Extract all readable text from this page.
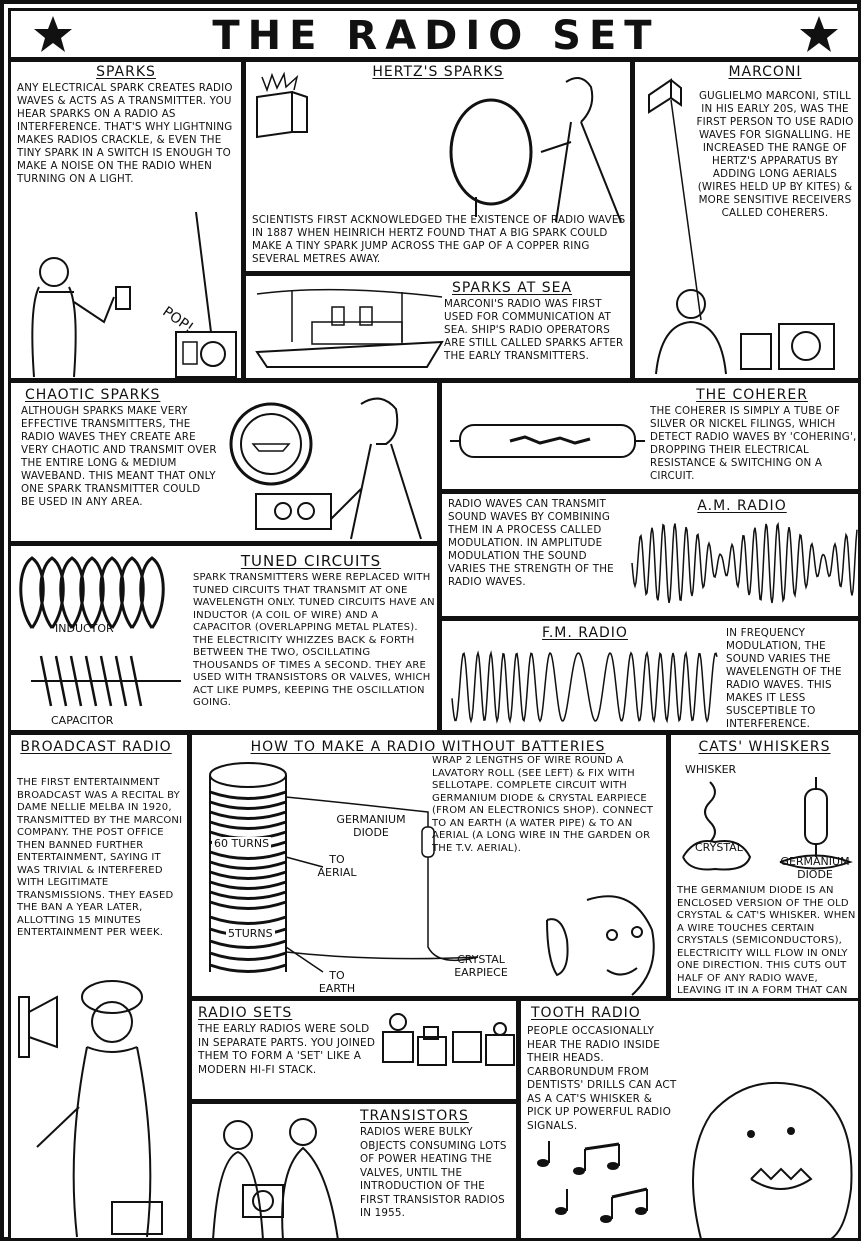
THE RADIO SET
SPARKS
ANY ELECTRICAL SPARK CREATES RADIO WAVES & ACTS AS A TRANSMITTER. YOU HEAR SPARKS ON A RADIO AS INTERFERENCE. THAT'S WHY LIGHTNING MAKES RADIOS CRACKLE, & EVEN THE TINY SPARK IN A SWITCH IS ENOUGH TO MAKE A NOISE ON THE RADIO WHEN TURNING ON A LIGHT.
POP!
HERTZ'S SPARKS
SCIENTISTS FIRST ACKNOWLEDGED THE EXISTENCE OF RADIO WAVES IN 1887 WHEN HEINRICH HERTZ FOUND THAT A BIG SPARK COULD MAKE A TINY SPARK JUMP ACROSS THE GAP OF A COPPER RING SEVERAL METRES AWAY.
MARCONI
GUGLIELMO MARCONI, STILL IN HIS EARLY 20S, WAS THE FIRST PERSON TO USE RADIO WAVES FOR SIGNALLING. HE INCREASED THE RANGE OF HERTZ'S APPARATUS BY ADDING LONG AERIALS (WIRES HELD UP BY KITES) & MORE SENSITIVE RECEIVERS CALLED COHERERS.
SPARKS AT SEA
MARCONI'S RADIO WAS FIRST USED FOR COMMUNICATION AT SEA. SHIP'S RADIO OPERATORS ARE STILL CALLED SPARKS AFTER THE EARLY TRANSMITTERS.
CHAOTIC SPARKS
ALTHOUGH SPARKS MAKE VERY EFFECTIVE TRANSMITTERS, THE RADIO WAVES THEY CREATE ARE VERY CHAOTIC AND TRANSMIT OVER THE ENTIRE LONG & MEDIUM WAVEBAND. THIS MEANT THAT ONLY ONE SPARK TRANSMITTER COULD BE USED IN ANY AREA.
THE COHERER
THE COHERER IS SIMPLY A TUBE OF SILVER OR NICKEL FILINGS, WHICH DETECT RADIO WAVES BY 'COHERING', DROPPING THEIR ELECTRICAL RESISTANCE & SWITCHING ON A CIRCUIT.
RADIO WAVES CAN TRANSMIT SOUND WAVES BY COMBINING THEM IN A PROCESS CALLED MODULATION. IN AMPLITUDE MODULATION THE SOUND VARIES THE STRENGTH OF THE RADIO WAVES.
A.M. RADIO
INDUCTOR
CAPACITOR
TUNED CIRCUITS
SPARK TRANSMITTERS WERE REPLACED WITH TUNED CIRCUITS THAT TRANSMIT AT ONE WAVELENGTH ONLY. TUNED CIRCUITS HAVE AN INDUCTOR (A COIL OF WIRE) AND A CAPACITOR (OVERLAPPING METAL PLATES). THE ELECTRICITY WHIZZES BACK & FORTH BETWEEN THE TWO, OSCILLATING THOUSANDS OF TIMES A SECOND. THEY ARE USED WITH TRANSISTORS OR VALVES, WHICH ACT LIKE PUMPS, KEEPING THE OSCILLATION GOING.
F.M. RADIO	IN FREQUENCY MODULATION, THE SOUND VARIES THE WAVELENGTH OF THE RADIO WAVES. THIS MAKES IT LESS SUSCEPTIBLE TO INTERFERENCE.
BROADCAST RADIO
THE FIRST ENTERTAINMENT BROADCAST WAS A RECITAL BY DAME NELLIE MELBA IN 1920, TRANSMITTED BY THE MARCONI COMPANY. THE POST OFFICE THEN BANNED FURTHER ENTERTAINMENT, SAYING IT WAS TRIVIAL & INTERFERED WITH LEGITIMATE TRANSMISSIONS. THEY EASED THE BAN A YEAR LATER, ALLOTTING 15 MINUTES ENTERTAINMENT PER WEEK.
HOW TO MAKE A RADIO WITHOUT BATTERIES
60 TURNS
5TURNS
TO AERIAL
TO EARTH
GERMANIUM DIODE
CRYSTAL EARPIECE
WRAP 2 LENGTHS OF WIRE ROUND A LAVATORY ROLL (SEE LEFT) & FIX WITH SELLOTAPE. COMPLETE CIRCUIT WITH GERMANIUM DIODE & CRYSTAL EARPIECE (FROM AN ELECTRONICS SHOP). CONNECT TO AN EARTH (A WATER PIPE) & TO AN AERIAL (A LONG WIRE IN THE GARDEN OR THE T.V. AERIAL).
CATS' WHISKERS
WHISKER
CRYSTAL
GERMANIUM DIODE
THE GERMANIUM DIODE IS AN ENCLOSED VERSION OF THE OLD CRYSTAL & CAT'S WHISKER. WHEN A WIRE TOUCHES CERTAIN CRYSTALS (SEMICONDUCTORS), ELECTRICITY WILL FLOW IN ONLY ONE DIRECTION. THIS CUTS OUT HALF OF ANY RADIO WAVE, LEAVING IT IN A FORM THAT CAN
RADIO SETS
THE EARLY RADIOS WERE SOLD IN SEPARATE PARTS. YOU JOINED THEM TO FORM A 'SET' LIKE A MODERN HI-FI STACK.
TOOTH RADIO
PEOPLE OCCASIONALLY HEAR THE RADIO INSIDE THEIR HEADS. CARBORUNDUM FROM DENTISTS' DRILLS CAN ACT AS A CAT'S WHISKER & PICK UP POWERFUL RADIO SIGNALS.
TRANSISTORS
RADIOS WERE BULKY OBJECTS CONSUMING LOTS OF POWER HEATING THE VALVES, UNTIL THE INTRODUCTION OF THE FIRST TRANSISTOR RADIOS IN 1955.
